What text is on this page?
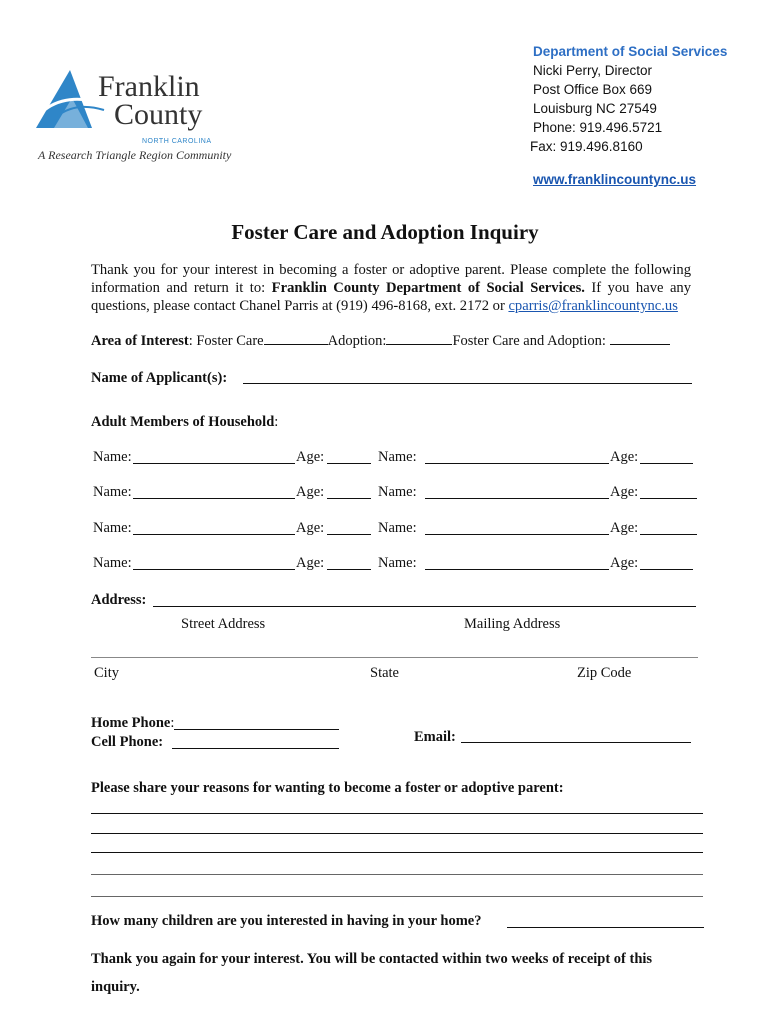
Franklin
County
NORTH CAROLINA
A Research Triangle Region Community
Department of Social Services
Nicki Perry, Director
Post Office Box 669
Louisburg NC 27549
Phone: 919.496.5721
Fax: 919.496.8160
www.franklincountync.us
Foster Care and Adoption Inquiry
Thank you for your interest in becoming a foster or adoptive parent. Please complete the following information and return it to: Franklin County Department of Social Services. If you have any questions, please contact Chanel Parris at (919) 496-8168, ext. 2172 or cparris@franklincountync.us
Area of Interest: Foster Care	Adoption:	Foster Care and Adoption:
Name of Applicant(s):
Adult Members of Household:
Name:	Age:	Name:	Age:
Name:	Age:	Name:	Age:
Name:	Age:	Name:	Age:
Name:	Age:	Name:	Age:
Address:
Street Address	Mailing Address
City	State	Zip Code
Home Phone:
Cell Phone:	Email:
Please share your reasons for wanting to become a foster or adoptive parent:
How many children are you interested in having in your home?
Thank you again for your interest. You will be contacted within two weeks of receipt of this inquiry.
